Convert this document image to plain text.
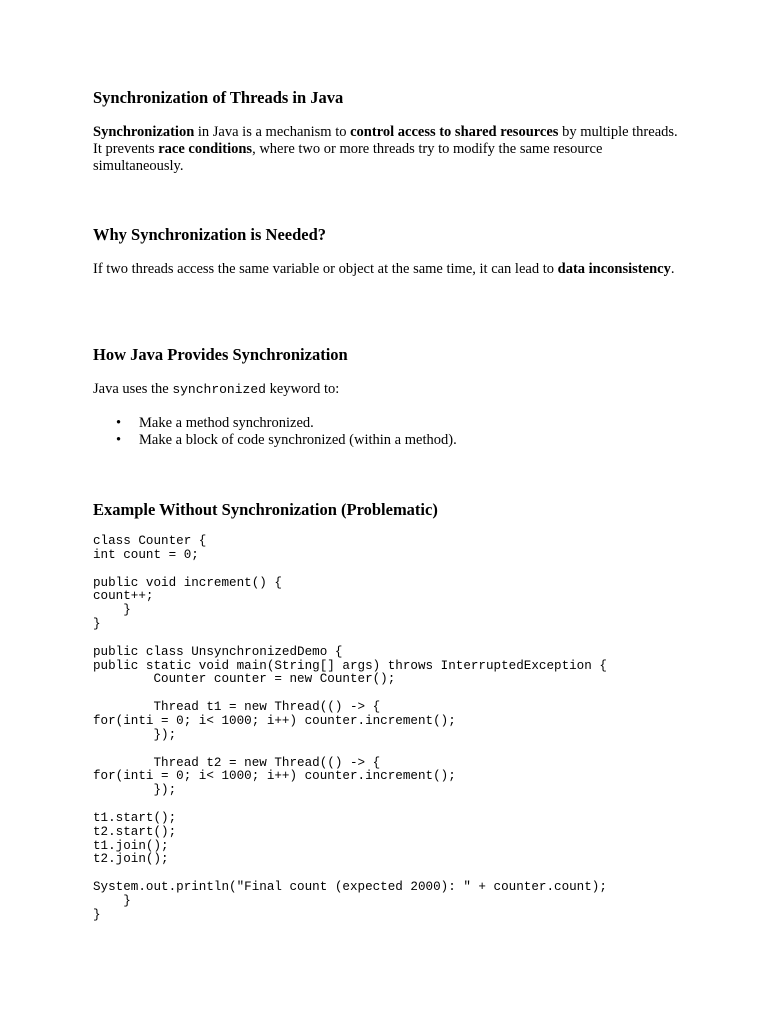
Synchronization of Threads in Java

Synchronization in Java is a mechanism to control access to shared resources by multiple threads. It prevents race conditions, where two or more threads try to modify the same resource simultaneously.

Why Synchronization is Needed?

If two threads access the same variable or object at the same time, it can lead to data inconsistency.

How Java Provides Synchronization

Java uses the synchronized keyword to:

• Make a method synchronized.
• Make a block of code synchronized (within a method).
Example Without Synchronization (Problematic)
class Counter {
int count = 0;
public void increment() {
count++;
}
}
public class UnsynchronizedDemo {
public static void main(String[] args) throws InterruptedException {
Counter counter = new Counter();
Thread t1 = new Thread(() -> {
for(inti = 0; i< 1000; i++) counter.increment();
});
Thread t2 = new Thread(() -> {
for(inti = 0; i< 1000; i++) counter.increment();
});
t1.start();
t2.start();
t1.join();
t2.join();
System.out.println("Final count (expected 2000): " + counter.count);
}
}
